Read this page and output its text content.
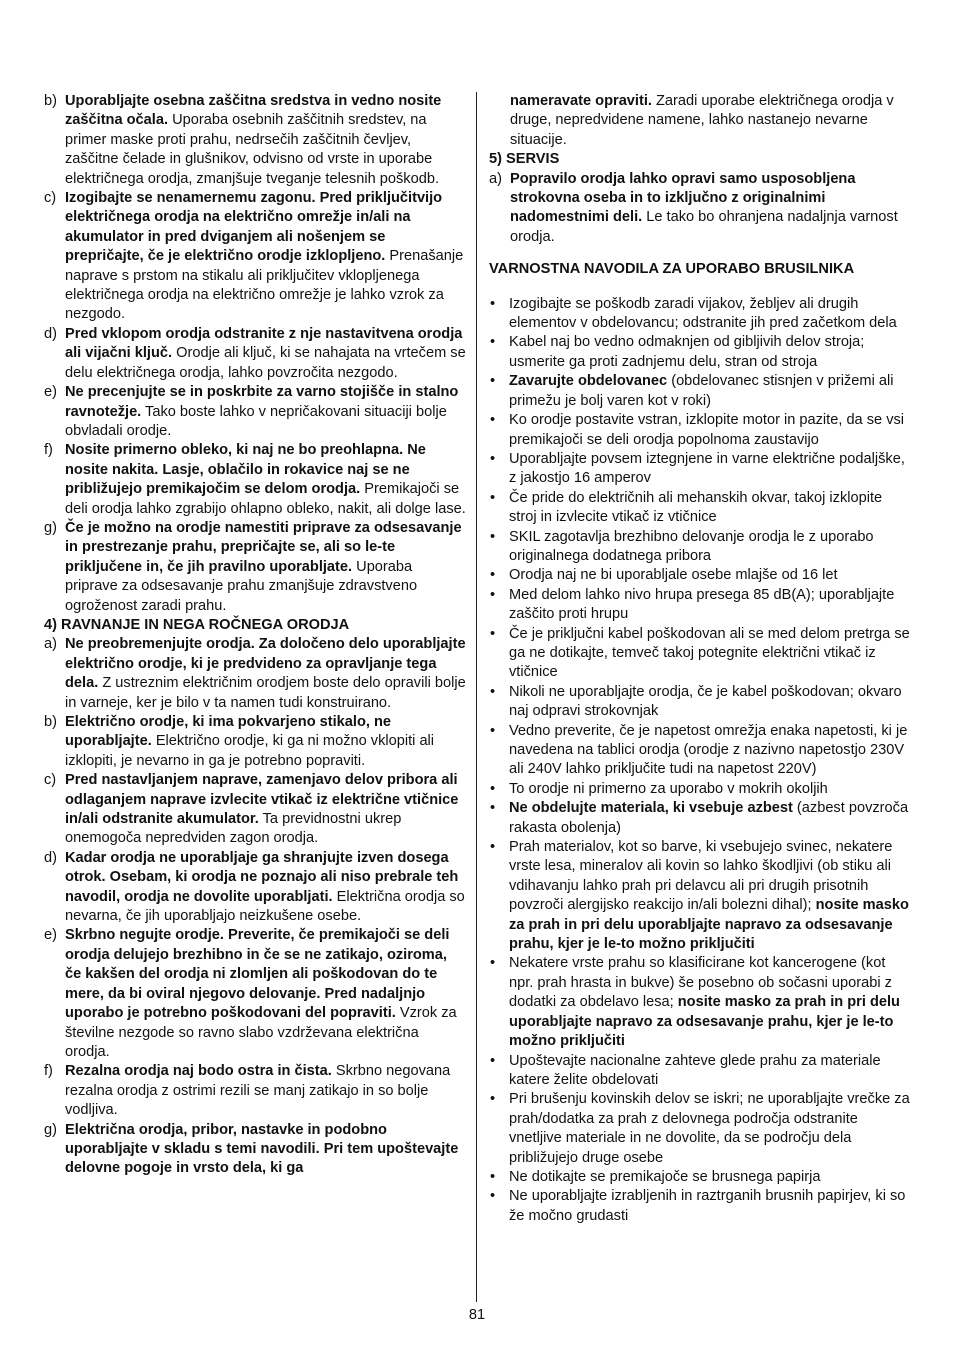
b) Uporabljajte osebna zaščitna sredstva in vedno nosite zaščitna očala. Uporaba osebnih zaščitnih sredstev, na primer maske proti prahu, nedrsečih zaščitnih čevljev, zaščitne čelade in glušnikov, odvisno od vrste in uporabe električnega orodja, zmanjšuje tveganje telesnih poškodb.
c) Izogibajte se nenamernemu zagonu. Pred priključitvijo električnega orodja na električno omrežje in/ali na akumulator in pred dviganjem ali nošenjem se prepričajte, če je električno orodje izklopljeno. Prenašanje naprave s prstom na stikalu ali priključitev vklopljenega električnega orodja na električno omrežje je lahko vzrok za nezgodo.
d) Pred vklopom orodja odstranite z nje nastavitvena orodja ali vijačni ključ. Orodje ali ključ, ki se nahajata na vrtečem se delu električnega orodja, lahko povzročita nezgodo.
e) Ne precenjujte se in poskrbite za varno stojišče in stalno ravnotežje. Tako boste lahko v nepričakovani situaciji bolje obvladali orodje.
f) Nosite primerno obleko, ki naj ne bo preohlapna. Ne nosite nakita. Lasje, oblačilo in rokavice naj se ne približujejo premikajočim se delom orodja. Premikajoči se deli orodja lahko zgrabijo ohlapno obleko, nakit, ali dolge lase.
g) Če je možno na orodje namestiti priprave za odsesavanje in prestrezanje prahu, prepričajte se, ali so le-te priključene in, če jih pravilno uporabljate. Uporaba priprave za odsesavanje prahu zmanjšuje zdravstveno ogroženost zaradi prahu.
4) RAVNANJE IN NEGA ROČNEGA ORODJA
a) Ne preobremenjujte orodja. Za določeno delo uporabljajte električno orodje, ki je predvideno za opravljanje tega dela. Z ustreznim električnim orodjem boste delo opravili bolje in varneje, ker je bilo v ta namen tudi konstruirano.
b) Električno orodje, ki ima pokvarjeno stikalo, ne uporabljajte. Električno orodje, ki ga ni možno vklopiti ali izklopiti, je nevarno in ga je potrebno popraviti.
c) Pred nastavljanjem naprave, zamenjavo delov pribora ali odlaganjem naprave izvlecite vtikač iz električne vtičnice in/ali odstranite akumulator. Ta previdnostni ukrep onemogoča nepredviden zagon orodja.
d) Kadar orodja ne uporabljaje ga shranjujte izven dosega otrok. Osebam, ki orodja ne poznajo ali niso prebrale teh navodil, orodja ne dovolite uporabljati. Električna orodja so nevarna, če jih uporabljajo neizkušene osebe.
e) Skrbno negujte orodje. Preverite, če premikajoči se deli orodja delujejo brezhibno in če se ne zatikajo, oziroma, če kakšen del orodja ni zlomljen ali poškodovan do te mere, da bi oviral njegovo delovanje. Pred nadaljnjo uporabo je potrebno poškodovani del popraviti. Vzrok za številne nezgode so ravno slabo vzdrževana električna orodja.
f) Rezalna orodja naj bodo ostra in čista. Skrbno negovana rezalna orodja z ostrimi rezili se manj zatikajo in so bolje vodljiva.
g) Električna orodja, pribor, nastavke in podobno uporabljajte v skladu s temi navodili. Pri tem upoštevajte delovne pogoje in vrsto dela, ki ga
nameravate opraviti. Zaradi uporabe električnega orodja v druge, nepredvidene namene, lahko nastanejo nevarne situacije.
5) SERVIS
a) Popravilo orodja lahko opravi samo usposobljena strokovna oseba in to izključno z originalnimi nadomestnimi deli. Le tako bo ohranjena nadaljnja varnost orodja.
VARNOSTNA NAVODILA ZA UPORABO BRUSILNIKA
• Izogibajte se poškodb zaradi vijakov, žebljev ali drugih elementov v obdelovancu; odstranite jih pred začetkom dela
• Kabel naj bo vedno odmaknjen od gibljivih delov stroja; usmerite ga proti zadnjemu delu, stran od stroja
• Zavarujte obdelovanec (obdelovanec stisnjen v prižemi ali primežu je bolj varen kot v roki)
• Ko orodje postavite vstran, izklopite motor in pazite, da se vsi premikajoči se deli orodja popolnoma zaustavijo
• Uporabljajte povsem iztegnjene in varne električne podaljške, z jakostjo 16 amperov
• Če pride do električnih ali mehanskih okvar, takoj izklopite stroj in izvlecite vtikač iz vtičnice
• SKIL zagotavlja brezhibno delovanje orodja le z uporabo originalnega dodatnega pribora
• Orodja naj ne bi uporabljale osebe mlajše od 16 let
• Med delom lahko nivo hrupa presega 85 dB(A); uporabljajte zaščito proti hrupu
• Če je priključni kabel poškodovan ali se med delom pretrga se ga ne dotikajte, temveč takoj potegnite električni vtikač iz vtičnice
• Nikoli ne uporabljajte orodja, če je kabel poškodovan; okvaro naj odpravi strokovnjak
• Vedno preverite, če je napetost omrežja enaka napetosti, ki je navedena na tablici orodja (orodje z nazivno napetostjo 230V ali 240V lahko priključite tudi na napetost 220V)
• To orodje ni primerno za uporabo v mokrih okoljih
• Ne obdelujte materiala, ki vsebuje azbest (azbest povzroča rakasta obolenja)
• Prah materialov, kot so barve, ki vsebujejo svinec, nekatere vrste lesa, mineralov ali kovin so lahko škodljivi (ob stiku ali vdihavanju lahko prah pri delavcu ali pri drugih prisotnih povzroči alergijsko reakcijo in/ali bolezni dihal); nosite masko za prah in pri delu uporabljajte napravo za odsesavanje prahu, kjer je le-to možno priključiti
• Nekatere vrste prahu so klasificirane kot kancerogene (kot npr. prah hrasta in bukve) še posebno ob sočasni uporabi z dodatki za obdelavo lesa; nosite masko za prah in pri delu uporabljajte napravo za odsesavanje prahu, kjer je le-to možno priključiti
• Upoštevajte nacionalne zahteve glede prahu za materiale katere želite obdelovati
• Pri brušenju kovinskih delov se iskri; ne uporabljajte vrečke za prah/dodatka za prah z delovnega področja odstranite vnetljive materiale in ne dovolite, da se področju dela približujejo druge osebe
• Ne dotikajte se premikajoče se brusnega papirja
• Ne uporabljajte izrabljenih in raztrganih brusnih papirjev, ki so že močno grudasti
81
